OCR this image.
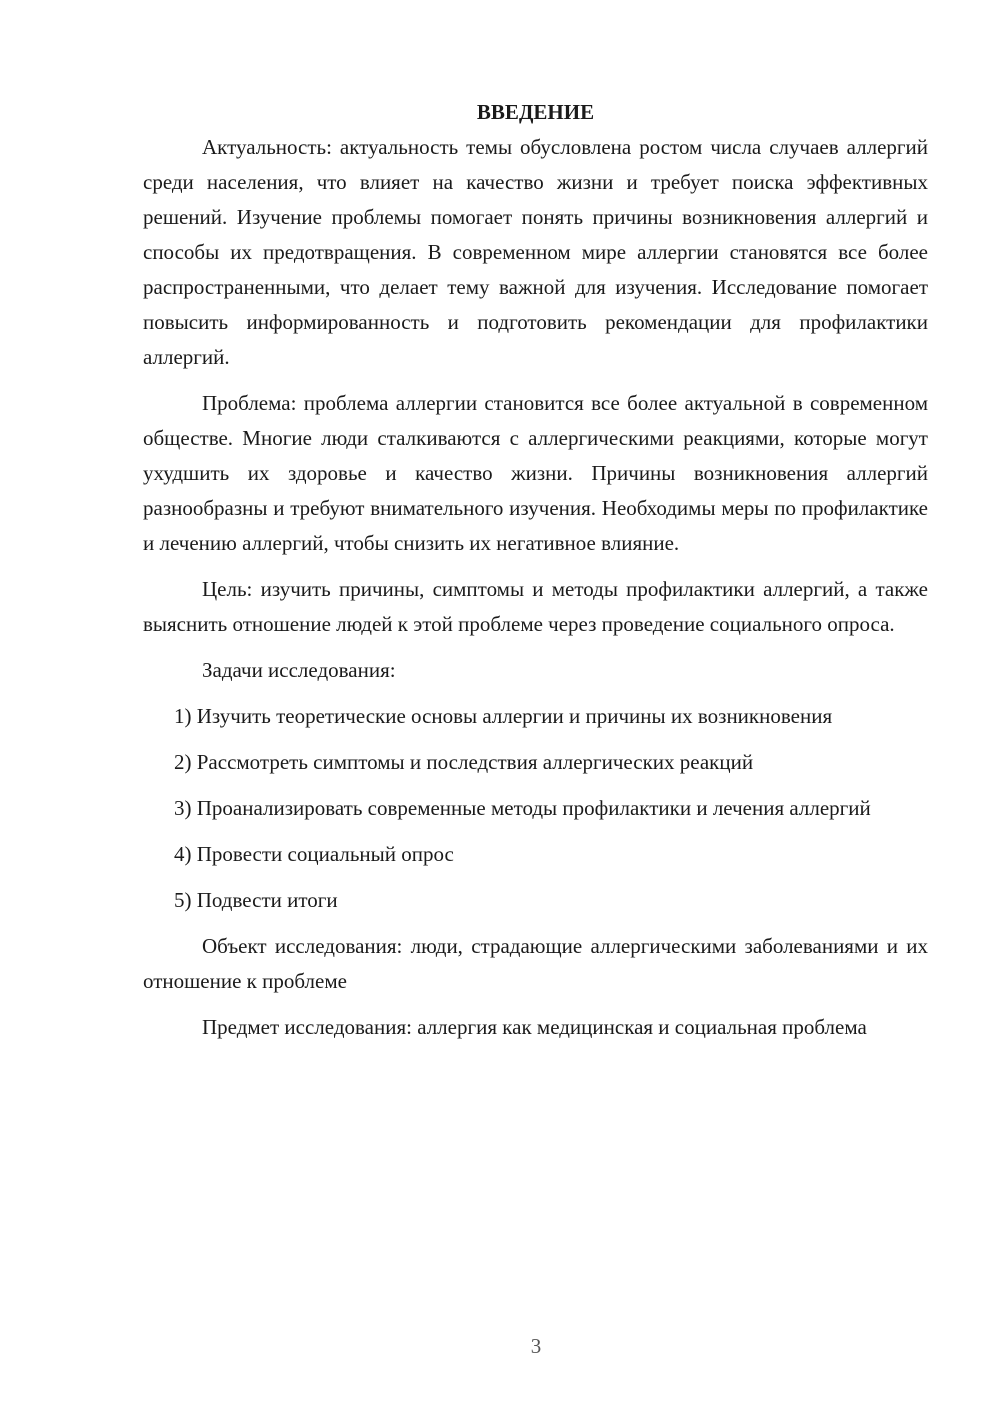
ВВЕДЕНИЕ

Актуальность: актуальность темы обусловлена ростом числа случаев аллергий среди населения, что влияет на качество жизни и требует поиска эффективных решений. Изучение проблемы помогает понять причины возникновения аллергий и способы их предотвращения. В современном мире аллергии становятся все более распространенными, что делает тему важной для изучения. Исследование помогает повысить информированность и подготовить рекомендации для профилактики аллергий.

Проблема: проблема аллергии становится все более актуальной в современном обществе. Многие люди сталкиваются с аллергическими реакциями, которые могут ухудшить их здоровье и качество жизни. Причины возникновения аллергий разнообразны и требуют внимательного изучения. Необходимы меры по профилактике и лечению аллергий, чтобы снизить их негативное влияние.

Цель: изучить причины, симптомы и методы профилактики аллергий, а также выяснить отношение людей к этой проблеме через проведение социального опроса.

Задачи исследования:

1) Изучить теоретические основы аллергии и причины их возникновения

2) Рассмотреть симптомы и последствия аллергических реакций

3) Проанализировать современные методы профилактики и лечения аллергий

4) Провести социальный опрос

5) Подвести итоги

Объект исследования: люди, страдающие аллергическими заболеваниями и их отношение к проблеме

Предмет исследования: аллергия как медицинская и социальная проблема

3
